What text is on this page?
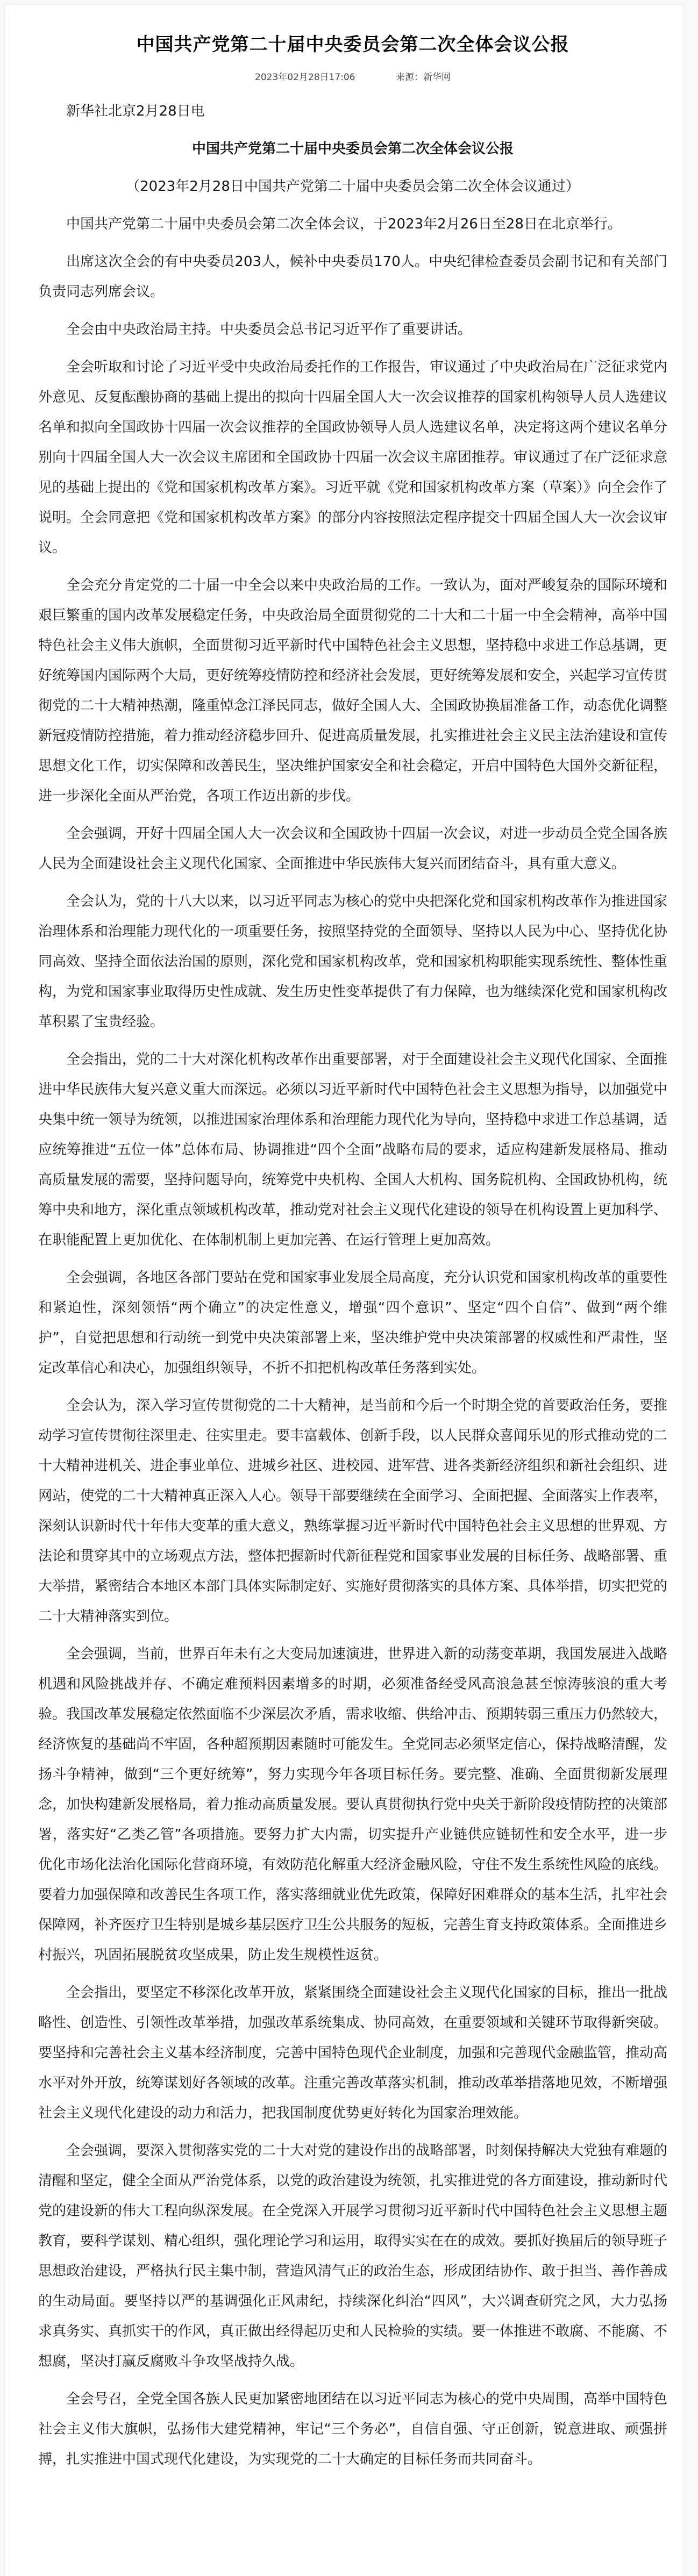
中国共产党第二十届中央委员会第二次全体会议公报
2023年02月28日17:06	来源：新华网

新华社北京2月28日电

中国共产党第二十届中央委员会第二次全体会议公报

（2023年2月28日中国共产党第二十届中央委员会第二次全体会议通过）

中国共产党第二十届中央委员会第二次全体会议，于2023年2月26日至28日在北京举行。

出席这次全会的有中央委员203人，候补中央委员170人。中央纪律检查委员会副书记和有关部门负责同志列席会议。

全会由中央政治局主持。中央委员会总书记习近平作了重要讲话。

全会听取和讨论了习近平受中央政治局委托作的工作报告，审议通过了中央政治局在广泛征求党内外意见、反复酝酿协商的基础上提出的拟向十四届全国人大一次会议推荐的国家机构领导人员人选建议名单和拟向全国政协十四届一次会议推荐的全国政协领导人员人选建议名单，决定将这两个建议名单分别向十四届全国人大一次会议主席团和全国政协十四届一次会议主席团推荐。审议通过了在广泛征求意见的基础上提出的《党和国家机构改革方案》。习近平就《党和国家机构改革方案（草案）》向全会作了说明。全会同意把《党和国家机构改革方案》的部分内容按照法定程序提交十四届全国人大一次会议审议。

全会充分肯定党的二十届一中全会以来中央政治局的工作。一致认为，面对严峻复杂的国际环境和艰巨繁重的国内改革发展稳定任务，中央政治局全面贯彻党的二十大和二十届一中全会精神，高举中国特色社会主义伟大旗帜，全面贯彻习近平新时代中国特色社会主义思想，坚持稳中求进工作总基调，更好统筹国内国际两个大局，更好统筹疫情防控和经济社会发展，更好统筹发展和安全，兴起学习宣传贯彻党的二十大精神热潮，隆重悼念江泽民同志，做好全国人大、全国政协换届准备工作，动态优化调整新冠疫情防控措施，着力推动经济稳步回升、促进高质量发展，扎实推进社会主义民主法治建设和宣传思想文化工作，切实保障和改善民生，坚决维护国家安全和社会稳定，开启中国特色大国外交新征程，进一步深化全面从严治党，各项工作迈出新的步伐。

全会强调，开好十四届全国人大一次会议和全国政协十四届一次会议，对进一步动员全党全国各族人民为全面建设社会主义现代化国家、全面推进中华民族伟大复兴而团结奋斗，具有重大意义。

全会认为，党的十八大以来，以习近平同志为核心的党中央把深化党和国家机构改革作为推进国家治理体系和治理能力现代化的一项重要任务，按照坚持党的全面领导、坚持以人民为中心、坚持优化协同高效、坚持全面依法治国的原则，深化党和国家机构改革，党和国家机构职能实现系统性、整体性重构，为党和国家事业取得历史性成就、发生历史性变革提供了有力保障，也为继续深化党和国家机构改革积累了宝贵经验。

全会指出，党的二十大对深化机构改革作出重要部署，对于全面建设社会主义现代化国家、全面推进中华民族伟大复兴意义重大而深远。必须以习近平新时代中国特色社会主义思想为指导，以加强党中央集中统一领导为统领，以推进国家治理体系和治理能力现代化为导向，坚持稳中求进工作总基调，适应统筹推进“五位一体”总体布局、协调推进“四个全面”战略布局的要求，适应构建新发展格局、推动高质量发展的需要，坚持问题导向，统筹党中央机构、全国人大机构、国务院机构、全国政协机构，统筹中央和地方，深化重点领域机构改革，推动党对社会主义现代化建设的领导在机构设置上更加科学、在职能配置上更加优化、在体制机制上更加完善、在运行管理上更加高效。

全会强调，各地区各部门要站在党和国家事业发展全局高度，充分认识党和国家机构改革的重要性和紧迫性，深刻领悟“两个确立”的决定性意义，增强“四个意识”、坚定“四个自信”、做到“两个维护”，自觉把思想和行动统一到党中央决策部署上来，坚决维护党中央决策部署的权威性和严肃性，坚定改革信心和决心，加强组织领导，不折不扣把机构改革任务落到实处。

全会认为，深入学习宣传贯彻党的二十大精神，是当前和今后一个时期全党的首要政治任务，要推动学习宣传贯彻往深里走、往实里走。要丰富载体、创新手段，以人民群众喜闻乐见的形式推动党的二十大精神进机关、进企事业单位、进城乡社区、进校园、进军营、进各类新经济组织和新社会组织、进网站，使党的二十大精神真正深入人心。领导干部要继续在全面学习、全面把握、全面落实上作表率，深刻认识新时代十年伟大变革的重大意义，熟练掌握习近平新时代中国特色社会主义思想的世界观、方法论和贯穿其中的立场观点方法，整体把握新时代新征程党和国家事业发展的目标任务、战略部署、重大举措，紧密结合本地区本部门具体实际制定好、实施好贯彻落实的具体方案、具体举措，切实把党的二十大精神落实到位。

全会强调，当前，世界百年未有之大变局加速演进，世界进入新的动荡变革期，我国发展进入战略机遇和风险挑战并存、不确定难预料因素增多的时期，必须准备经受风高浪急甚至惊涛骇浪的重大考验。我国改革发展稳定依然面临不少深层次矛盾，需求收缩、供给冲击、预期转弱三重压力仍然较大，经济恢复的基础尚不牢固，各种超预期因素随时可能发生。全党同志必须坚定信心，保持战略清醒，发扬斗争精神，做到“三个更好统筹”，努力实现今年各项目标任务。要完整、准确、全面贯彻新发展理念，加快构建新发展格局，着力推动高质量发展。要认真贯彻执行党中央关于新阶段疫情防控的决策部署，落实好“乙类乙管”各项措施。要努力扩大内需，切实提升产业链供应链韧性和安全水平，进一步优化市场化法治化国际化营商环境，有效防范化解重大经济金融风险，守住不发生系统性风险的底线。要着力加强保障和改善民生各项工作，落实落细就业优先政策，保障好困难群众的基本生活，扎牢社会保障网，补齐医疗卫生特别是城乡基层医疗卫生公共服务的短板，完善生育支持政策体系。全面推进乡村振兴，巩固拓展脱贫攻坚成果，防止发生规模性返贫。

全会指出，要坚定不移深化改革开放，紧紧围绕全面建设社会主义现代化国家的目标，推出一批战略性、创造性、引领性改革举措，加强改革系统集成、协同高效，在重要领域和关键环节取得新突破。要坚持和完善社会主义基本经济制度，完善中国特色现代企业制度，加强和完善现代金融监管，推动高水平对外开放，统筹谋划好各领域的改革。注重完善改革落实机制，推动改革举措落地见效，不断增强社会主义现代化建设的动力和活力，把我国制度优势更好转化为国家治理效能。

全会强调，要深入贯彻落实党的二十大对党的建设作出的战略部署，时刻保持解决大党独有难题的清醒和坚定，健全全面从严治党体系，以党的政治建设为统领，扎实推进党的各方面建设，推动新时代党的建设新的伟大工程向纵深发展。在全党深入开展学习贯彻习近平新时代中国特色社会主义思想主题教育，要科学谋划、精心组织，强化理论学习和运用，取得实实在在的成效。要抓好换届后的领导班子思想政治建设，严格执行民主集中制，营造风清气正的政治生态，形成团结协作、敢于担当、善作善成的生动局面。要坚持以严的基调强化正风肃纪，持续深化纠治“四风”，大兴调查研究之风，大力弘扬求真务实、真抓实干的作风，真正做出经得起历史和人民检验的实绩。要一体推进不敢腐、不能腐、不想腐，坚决打赢反腐败斗争攻坚战持久战。

全会号召，全党全国各族人民更加紧密地团结在以习近平同志为核心的党中央周围，高举中国特色社会主义伟大旗帜，弘扬伟大建党精神，牢记“三个务必”，自信自强、守正创新，锐意进取、顽强拼搏，扎实推进中国式现代化建设，为实现党的二十大确定的目标任务而共同奋斗。
